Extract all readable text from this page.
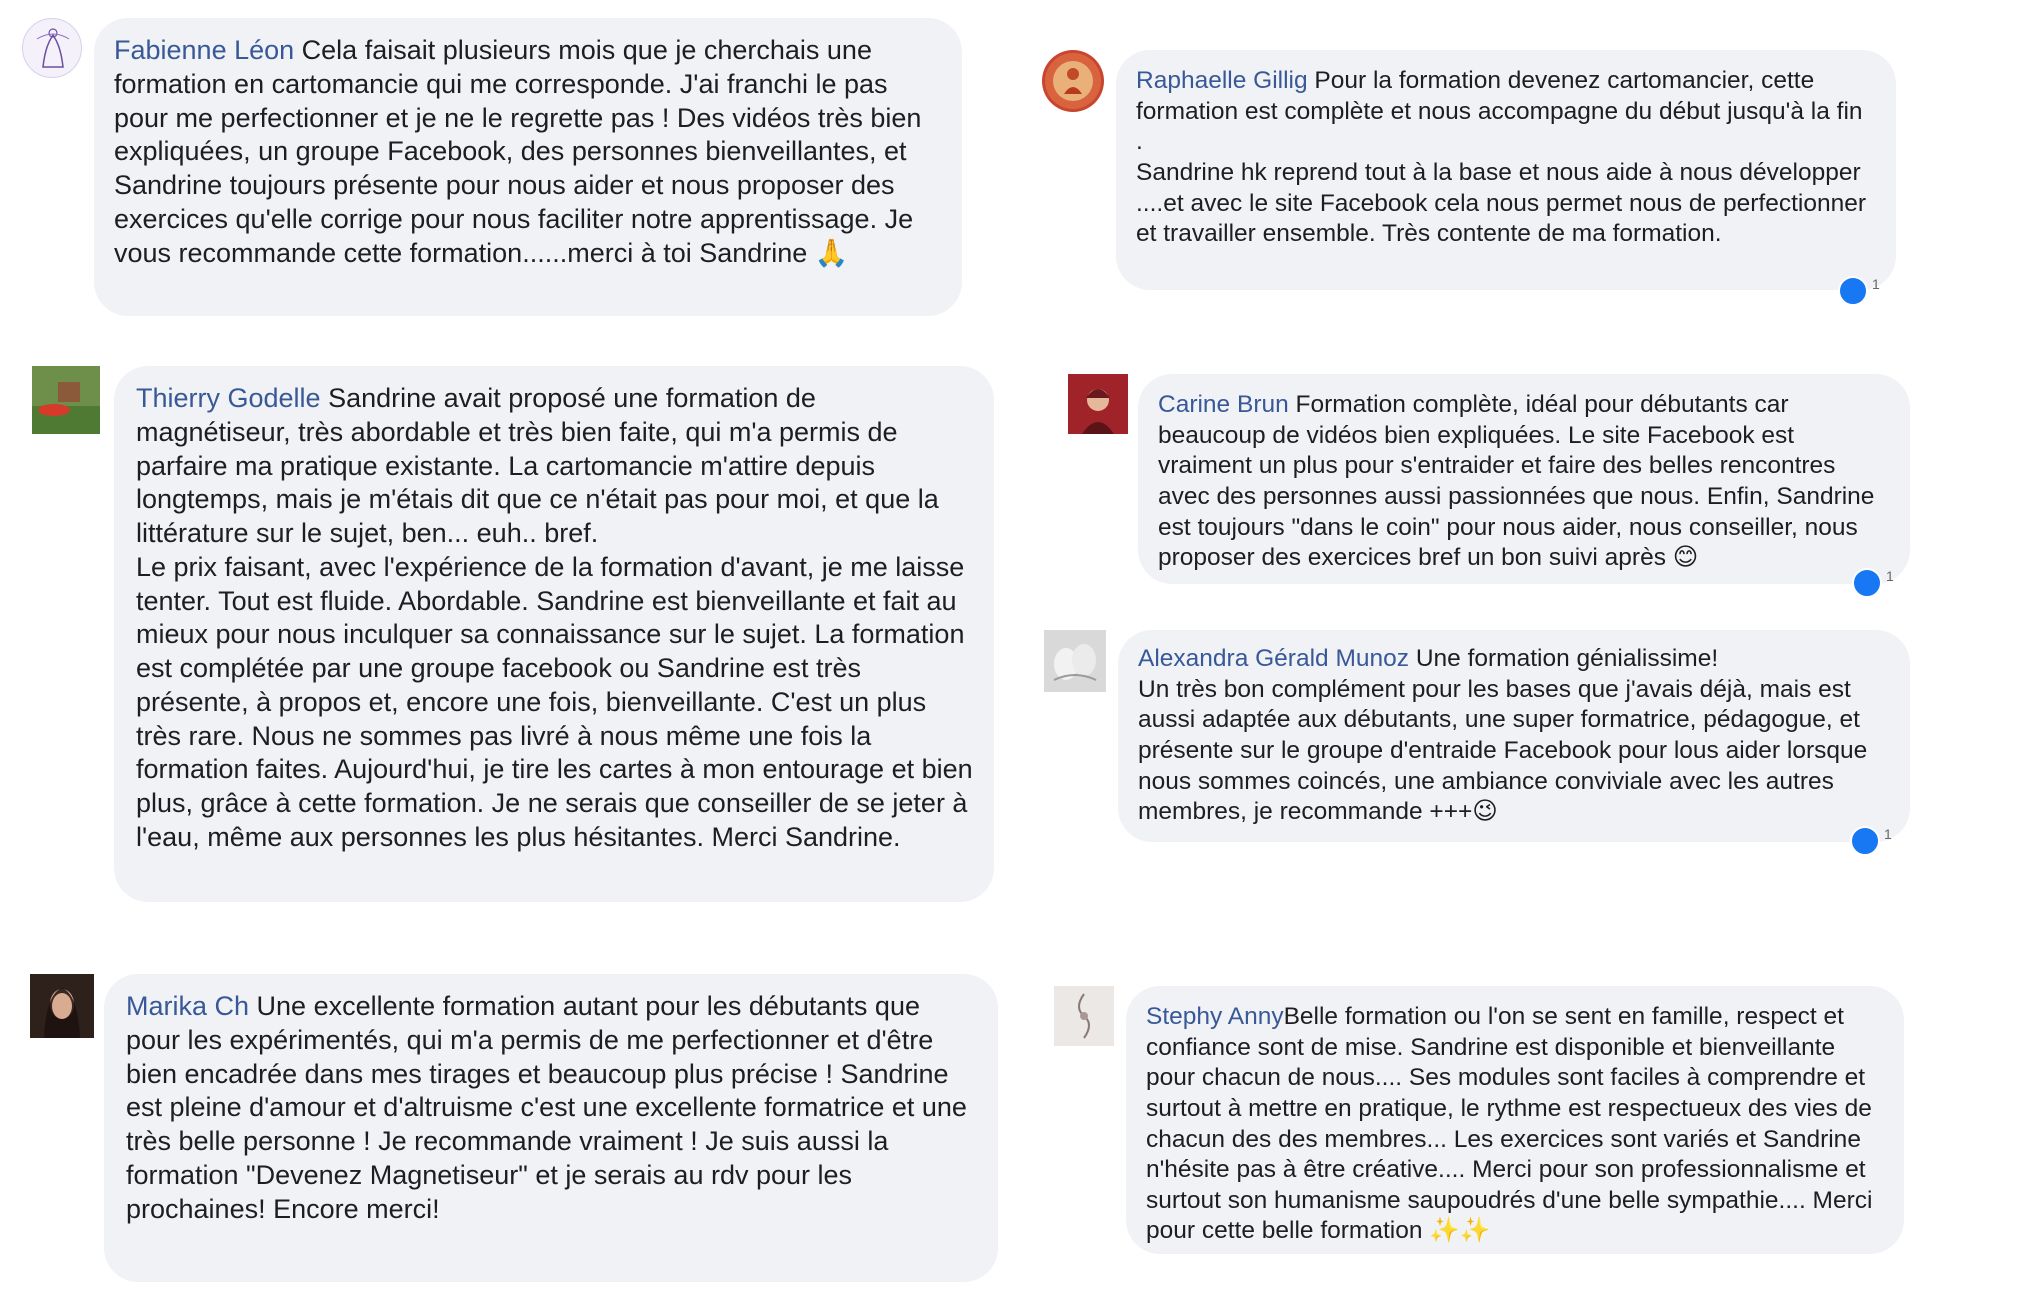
Fabienne Léon Cela faisait plusieurs mois que je cherchais une formation en cartomancie qui me corresponde. J'ai franchi le pas pour me perfectionner et je ne le regrette pas ! Des vidéos très bien expliquées, un groupe Facebook, des personnes bienveillantes, et Sandrine toujours présente pour nous aider et nous proposer des exercices qu'elle corrige pour nous faciliter notre apprentissage. Je vous recommande cette formation......merci à toi Sandrine 🙏
Raphaelle Gillig Pour la formation devenez cartomancier, cette formation est complète et nous accompagne du début jusqu'à la fin .
Sandrine hk reprend tout à la base et nous aide à nous développer ....et avec le site Facebook cela nous permet nous de perfectionner et travailler ensemble. Très contente de ma formation.
1
Thierry Godelle Sandrine avait proposé une formation de magnétiseur, très abordable et très bien faite, qui m'a permis de parfaire ma pratique existante. La cartomancie m'attire depuis longtemps, mais je m'étais dit que ce n'était pas pour moi, et que la littérature sur le sujet, ben... euh.. bref.
Le prix faisant, avec l'expérience de la formation d'avant, je me laisse tenter. Tout est fluide. Abordable. Sandrine est bienveillante et fait au mieux pour nous inculquer sa connaissance sur le sujet. La formation est complétée par une groupe facebook ou Sandrine est très présente, à propos et, encore une fois, bienveillante. C'est un plus très rare. Nous ne sommes pas livré à nous même une fois la formation faites. Aujourd'hui, je tire les cartes à mon entourage et bien plus, grâce à cette formation. Je ne serais que conseiller de se jeter à l'eau, même aux personnes les plus hésitantes. Merci Sandrine.
Carine Brun Formation complète, idéal pour débutants car beaucoup de vidéos bien expliquées. Le site Facebook est vraiment un plus pour s'entraider et faire des belles rencontres avec des personnes aussi passionnées que nous. Enfin, Sandrine est toujours "dans le coin" pour nous aider, nous conseiller, nous proposer des exercices bref un bon suivi après 😊
1
Alexandra Gérald Munoz Une formation génialissime!
Un très bon complément pour les bases que j'avais déjà, mais est aussi adaptée aux débutants, une super formatrice, pédagogue, et présente sur le groupe d'entraide Facebook pour lous aider lorsque nous sommes coincés, une ambiance conviviale avec les autres membres, je recommande +++😉
1
Marika Ch Une excellente formation autant pour les débutants que pour les expérimentés, qui m'a permis de me perfectionner et d'être bien encadrée dans mes tirages et beaucoup plus précise ! Sandrine est pleine d'amour et d'altruisme c'est une excellente formatrice et une très belle personne ! Je recommande vraiment ! Je suis aussi la formation "Devenez Magnetiseur" et je serais au rdv pour les prochaines! Encore merci!
Stephy AnnyBelle formation ou l'on se sent en famille, respect et confiance sont de mise. Sandrine est disponible et bienveillante pour chacun de nous.... Ses modules sont faciles à comprendre et surtout à mettre en pratique, le rythme est respectueux des vies de chacun des des membres... Les exercices sont variés et Sandrine n'hésite pas à être créative.... Merci pour son professionnalisme et surtout son humanisme saupoudrés d'une belle sympathie.... Merci pour cette belle formation ✨✨
